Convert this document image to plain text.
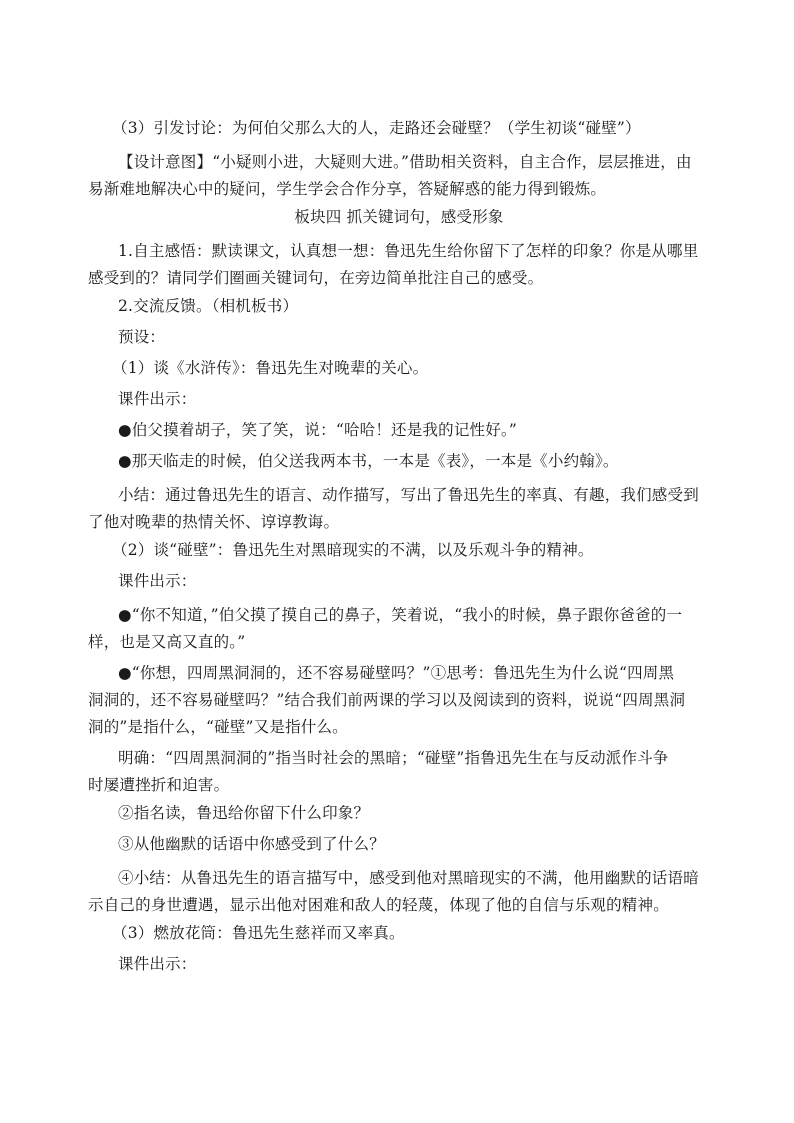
（3）引发讨论：为何伯父那么大的人，走路还会碰壁？（学生初谈“碰壁”）
【设计意图】“小疑则小进，大疑则大进。”借助相关资料，自主合作，层层推进，由
易渐难地解决心中的疑问，学生学会合作分享，答疑解惑的能力得到锻炼。
板块四 抓关键词句，感受形象
1.自主感悟：默读课文，认真想一想：鲁迅先生给你留下了怎样的印象？你是从哪里
感受到的？请同学们圈画关键词句，在旁边简单批注自己的感受。
2.交流反馈。（相机板书）
预设：
（1）谈《水浒传》：鲁迅先生对晚辈的关心。
课件出示：
●伯父摸着胡子，笑了笑，说：“哈哈！还是我的记性好。”
●那天临走的时候，伯父送我两本书，一本是《表》，一本是《小约翰》。
小结：通过鲁迅先生的语言、动作描写，写出了鲁迅先生的率真、有趣，我们感受到
了他对晚辈的热情关怀、谆谆教诲。
（2）谈“碰壁”：鲁迅先生对黑暗现实的不满，以及乐观斗争的精神。
课件出示：
●“你不知道，”伯父摸了摸自己的鼻子，笑着说，“我小的时候，鼻子跟你爸爸的一
样，也是又高又直的。”
●“你想，四周黑洞洞的，还不容易碰壁吗？”①思考：鲁迅先生为什么说“四周黑
洞洞的，还不容易碰壁吗？”结合我们前两课的学习以及阅读到的资料，说说“四周黑洞
洞的”是指什么，“碰壁”又是指什么。
明确：“四周黑洞洞的”指当时社会的黑暗；“碰壁”指鲁迅先生在与反动派作斗争
时屡遭挫折和迫害。
②指名读，鲁迅给你留下什么印象？
③从他幽默的话语中你感受到了什么？
④小结：从鲁迅先生的语言描写中，感受到他对黑暗现实的不满，他用幽默的话语暗
示自己的身世遭遇，显示出他对困难和敌人的轻蔑，体现了他的自信与乐观的精神。
（3）燃放花筒：鲁迅先生慈祥而又率真。
课件出示：
